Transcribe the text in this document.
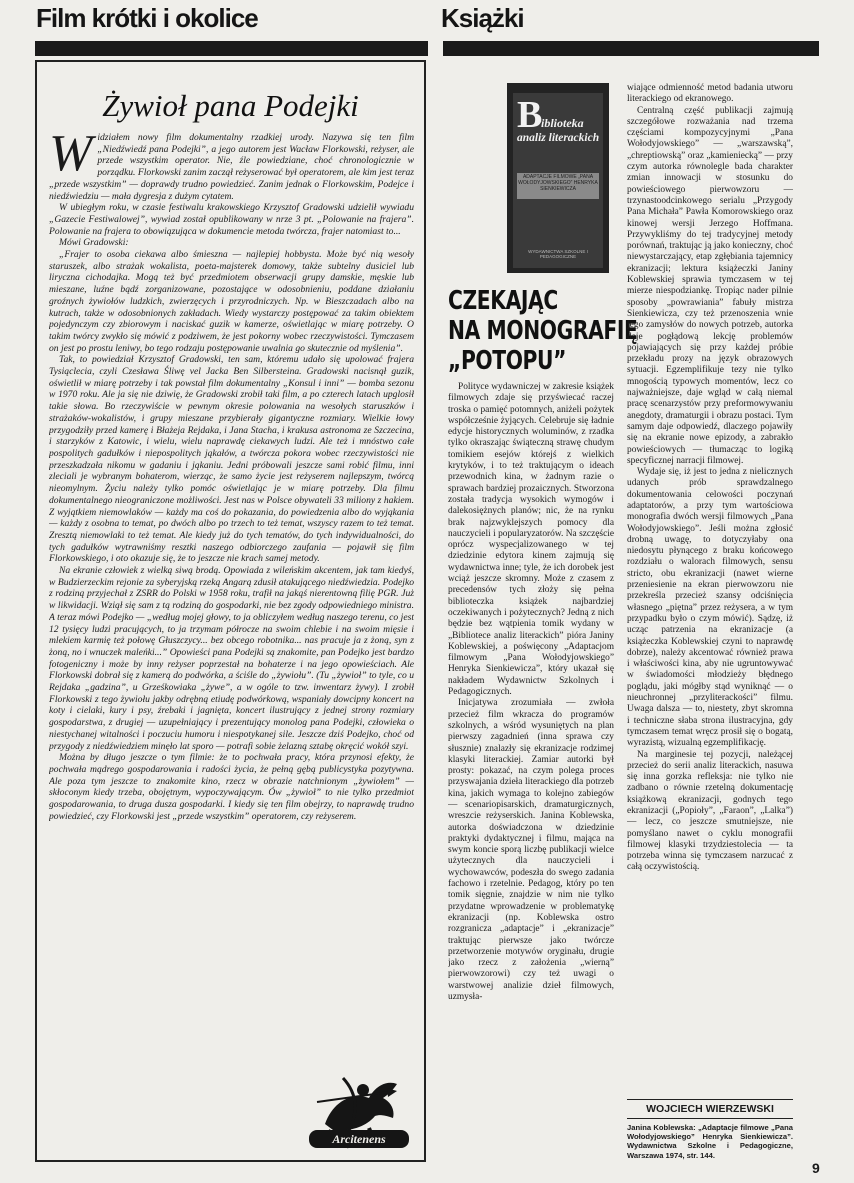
Film krótki i okolice	Książki
Żywioł pana Podejki

Widziałem nowy film dokumentalny rzadkiej urody. Nazywa się ten film „Niedźwiedź pana Podejki”, a jego autorem jest Wacław Florkowski, reżyser, ale przede wszystkim operator. Nie, źle powiedziane, choć chronologicznie w porządku. Florkowski zanim zaczął reżyserować był operatorem, ale kim jest teraz „przede wszystkim” — doprawdy trudno powiedzieć. Zanim jednak o Florkowskim, Podejce i niedźwiedziu — mała dygresja z dużym cytatem.

W ubiegłym roku, w czasie festiwalu krakowskiego Krzysztof Gradowski udzielił wywiadu „Gazecie Festiwalowej”, wywiad został opublikowany w nrze 3 pt. „Polowanie na frajera”. Polowanie na frajera to obowiązująca w dokumencie metoda twórcza, frajer natomiast to...

Mówi Gradowski:

„Frajer to osoba ciekawa albo śmieszna — najlepiej hobbysta. Może być nią wesoły staruszek, albo strażak wokalista, poeta-majsterek domowy, także subtelny dusiciel lub liryczna cichodajka. Mogą też być przedmiotem obserwacji grupy damskie, męskie lub mieszane, luźne bądź zorganizowane, pozostające w odosobnieniu, poddane działaniu groźnych żywiołów ludzkich, zwierzęcych i przyrodniczych. Np. w Bieszczadach albo na kutrach, także w odosobnionych zakładach. Wiedy wystarczy postępować za takim obiektem pojedynczym czy zbiorowym i naciskać guzik w kamerze, oświetlając w miarę potrzeby. O takim twórcy zwykło się mówić z podziwem, że jest pokorny wobec rzeczywistości. Tymczasem on jest po prostu leniwy, bo tego rodzaju postępowanie uwalnia go skutecznie od myślenia”.

Tak, to powiedział Krzysztof Gradowski, ten sam, któremu udało się upolować frajera Tysiąclecia, czyli Czesława Śliwę vel Jacka Ben Silbersteina. Gradowski nacisnął guzik, oświetlił w miarę potrzeby i tak powstał film dokumentalny „Konsul i inni” — bomba sezonu w 1970 roku. Ale ja się nie dziwię, że Gradowski zrobił taki film, a po czterech latach upglosił takie słowa. Bo rzeczywiście w pewnym okresie polowania na wesołych staruszków i strażaków-wokalistów, i grupy mieszane przybierały gigantyczne rozmiary. Wielkie łowy przygodziły przed kamerę i Błażeja Rejdaka, i Jana Stacha, i krakusa astronoma ze Szczecina, i starzyków z Katowic, i wielu, wielu naprawdę ciekawych ludzi. Ale też i mnóstwo całe pospolitych gadułków i niepospolitych jąkałów, a twórcza pokora wobec rzeczywistości nie przeszkadzała nikomu w gadaniu i jąkaniu. Jedni próbowali jeszcze sami robić filmu, inni zleciali je wybranym bohaterom, wierząc, że samo życie jest reżyserem najlepszym, twórcą nieomylnym. Życiu należy tylko pomóc oświetlając je w miarę potrzeby. Dla filmu dokumentalnego nieograniczone możliwości. Jest nas w Polsce obywateli 33 miliony z hakiem. Z wyjątkiem niemowlaków — każdy ma coś do pokazania, do powiedzenia albo do wyjąkania — każdy z osobna to temat, po dwóch albo po trzech to też temat, wszyscy razem to też temat. Zresztą niemowlaki to też temat. Ale kiedy już do tych tematów, do tych indywidualności, do tych gadułków wytrawniśmy resztki naszego odbiorczego zaufania — pojawił się film Florkowskiego, i oto okazuje się, że to jeszcze nie krach samej metody.

Na ekranie człowiek z wielką siwą brodą. Opowiada z wileńskim akcentem, jak tam kiedyś, w Budzierzeckim rejonie za syberyjską rzeką Angarą zdusił atakującego niedźwiedzia. Podejko z rodziną przyjechał z ZSRR do Polski w 1958 roku, trafił na jakąś nierentowną filię PGR. Już w likwidacji. Wziął się sam z tą rodziną do gospodarki, nie bez zgody odpowiedniego ministra. A teraz mówi Podejko — „według mojej głowy, to ja obliczyłem według naszego terenu, co jest 12 tysięcy ludzi pracujących, to ja trzymam półrocze na swoim chlebie i na swoim mięsie i mlekiem karmię też połowę Głuszczycy... bez obcego robotnika... nas pracuje ja z żoną, syn z żoną, no i wnuczek maleńki...” Opowieści pana Podejki są znakomite, pan Podejko jest bardzo fotogeniczny i może by inny reżyser poprzestał na bohaterze i na jego opowieściach. Ale Florkowski dobrał się z kamerą do podwórka, a ściśle do „żywiołu”. (Tu „żywioł” to tyle, co u Rejdaka „gadzina”, u Grześkowiaka „żywe”, a w ogóle to tzw. inwentarz żywy). I zrobił Florkowski z tego żywiołu jakby odrębną etiudę podwórkową, wspaniały dowcipny koncert na koty i cielaki, kury i psy, źrebaki i jagnięta, koncert ilustrujący z jednej strony rozmiary gospodarstwa, z drugiej — uzupełniający i prezentujący monolog pana Podejki, człowieka o niestychanej witalności i poczuciu humoru i niespotykanej sile. Jeszcze dziś Podejko, choć od przygody z niedźwiedziem minęło lat sporo — potrafi sobie żelazną sztabę okręcić wokół szyi.

Można by długo jeszcze o tym filmie: że to pochwała pracy, która przynosi efekty, że pochwała mądrego gospodarowania i radości życia, że pełną gębą publicystyka pozytywna. Ale poza tym jeszcze to znakomite kino, rzecz w obrazie natchnionym „żywiołem” — skłoconym kiedy trzeba, obojętnym, wypoczywającym. Ów „żywioł” to nie tylko przedmiot gospodarowania, to druga dusza gospodarki. I kiedy się ten film obejrzy, to naprawdę trudno powiedzieć, czy Florkowski jest „przede wszystkim” operatorem, czy reżyserem.

Arcitenens
B
iblioteka
analiz literackich
ADAPTACJE FILMOWE „PANA WOŁODYJOWSKIEGO” HENRYKA SIENKIEWICZA
WYDAWNICTWA SZKOLNE I PEDAGOGICZNE
CZEKAJĄC
NA MONOGRAFIĘ
„POTOPU”

Polityce wydawniczej w zakresie książek filmowych zdaje się przyświecać raczej troska o pamięć potomnych, aniżeli pożytek współcześnie żyjących. Celebruje się ładnie edycje historycznych woluminów, z rzadka tylko okraszając świąteczną strawę chudym tomikiem esejów którejś z wielkich krytyków, i to też traktującym o ideach przewodnich kina, w żadnym razie o sprawach bardziej prozaicznych. Stworzona została tradycja wysokich wymogów i dalekosiężnych planów; nic, że na rynku brak najzwyklejszych pomocy dla nauczycieli i popularyzatorów. Na szczęście oprócz wyspecjalizowanego w tej dziedzinie edytora kinem zajmują się wydawnictwa inne; tyle, że ich dorobek jest wciąż jeszcze skromny. Może z czasem z precedensów tych złoży się pełna biblioteczka książek najbardziej oczekiwanych i pożytecznych? Jedną z nich będzie bez wątpienia tomik wydany w „Bibliotece analiz literackich” pióra Janiny Koblewskiej, a poświęcony „Adaptacjom filmowym „Pana Wołodyjowskiego” Henryka Sienkiewicza”, który ukazał się nakładem Wydawnictw Szkolnych i Pedagogicznych.

Inicjatywa zrozumiała — zwłoła przecież film wkracza do programów szkolnych, a wśród wysuniętych na plan pierwszy zagadnień (inna sprawa czy słusznie) znalazły się ekranizacje rodzimej klasyki literackiej. Zamiar autorki był prosty: pokazać, na czym polega proces przyswajania dzieła literackiego dla potrzeb kina, jakich wymaga to kolejno zabiegów — scenariopisarskich, dramaturgicznych, wreszcie reżyserskich. Janina Koblewska, autorka doświadczona w dziedzinie praktyki dydaktycznej i filmu, mająca na swym koncie sporą liczbę publikacji wielce użytecznych dla nauczycieli i wychowawców, podeszła do swego zadania fachowo i rzetelnie. Pedagog, który po ten tomik sięgnie, znajdzie w nim nie tylko przydatne wprowadzenie w problematykę ekranizacji (np. Koblewska ostro rozgranicza „adaptacje” i „ekranizacje” traktując pierwsze jako twórcze przetworzenie motywów oryginału, drugie jako rzecz z założenia „wierną” pierwowzorowi) czy też uwagi o warstwowej analizie dzieł filmowych, uzmysła-

wiające odmienność metod badania utworu literackiego od ekranowego.

Centralną część publikacji zajmują szczegółowe rozważania nad trzema częściami kompozycyjnymi „Pana Wołodyjowskiego” — „warszawską”, „chreptiowską” oraz „kamieniecką” — przy czym autorka równolegle bada charakter zmian innowacji w stosunku do powieściowego pierwowzoru — trzynastoodcinkowego serialu „Przygody Pana Michała” Pawła Komorowskiego oraz kinowej wersji Jerzego Hoffmana. Przywykliśmy do tej tradycyjnej metody porównań, traktując ją jako konieczny, choć niewystarczający, etap zgłębiania tajemnicy ekranizacji; lektura książeczki Janiny Koblewskiej sprawia tymczasem w tej mierze niespodziankę. Tropiąc nader pilnie sposoby „powrawiania” fabuły mistrza Sienkiewicza, czy też przenoszenia wnie jego zamysłów do nowych potrzeb, autorka daje pogłądową lekcję problemów pojawiających się przy każdej próbie przekładu prozy na język obrazowych sytuacji. Egzemplifikuje tezy nie tylko mnogością typowych momentów, lecz co najważniejsze, daje wgląd w całą niemal pracę scenarzystów przy preformowywaniu anegdoty, dramaturgii i obrazu postaci. Tym samym daje odpowiedź, dlaczego pojawiły się na ekranie nowe epizody, a zabrakło powieściowych — tłumacząc to logiką specyficznej narracji filmowej.

Wydaje się, iż jest to jedna z nielicznych udanych prób sprawdzalnego dokumentowania celowości poczynań adaptatorów, a przy tym wartościowa monografia dwóch wersji filmowych „Pana Wołodyjowskiego”. Jeśli można zgłosić drobną uwagę, to dotyczyłaby ona niedosytu płynącego z braku końcowego rozdziału o walorach filmowych, sensu stricto, obu ekranizacji (nawet wierne przeniesienie na ekran pierwowzoru nie przekreśla przecież szansy odciśnięcia własnego „piętna” przez reżysera, a w tym przypadku było o czym mówić). Sądzę, iż ucząc patrzenia na ekranizacje (a książeczka Koblewskiej czyni to naprawdę dobrze), należy akcentować również prawa i właściwości kina, aby nie ugruntowywać w świadomości młodzieży błędnego poglądu, jaki mógłby stąd wyniknąć — o nieuchronnej „przyliterackości” filmu. Uwaga dalsza — to, niestety, zbyt skromna i techniczne słaba strona ilustracyjna, gdy tymczasem temat wręcz prosił się o bogatą, wyrazistą, wizualną egzemplifikację.

Na marginesie tej pozycji, należącej przecież do serii analiz literackich, nasuwa się inna gorzka refleksja: nie tylko nie zadbano o równie rzetelną dokumentację książkową ekranizacji, godnych tego ekranizacji („Popioły”, „Faraon”, „Lalka”) — lecz, co jeszcze smutniejsze, nie pomyślano nawet o cyklu monografii filmowej klasyki trzydziestolecia — ta potrzeba winna się tymczasem narzucać z całą oczywistością.

WOJCIECH WIERZEWSKI
Janina Koblewska: „Adaptacje filmowe „Pana Wołodyjowskiego” Henryka Sienkiewicza”. Wydawnictwa Szkolne i Pedagogiczne, Warszawa 1974, str. 144.
9
